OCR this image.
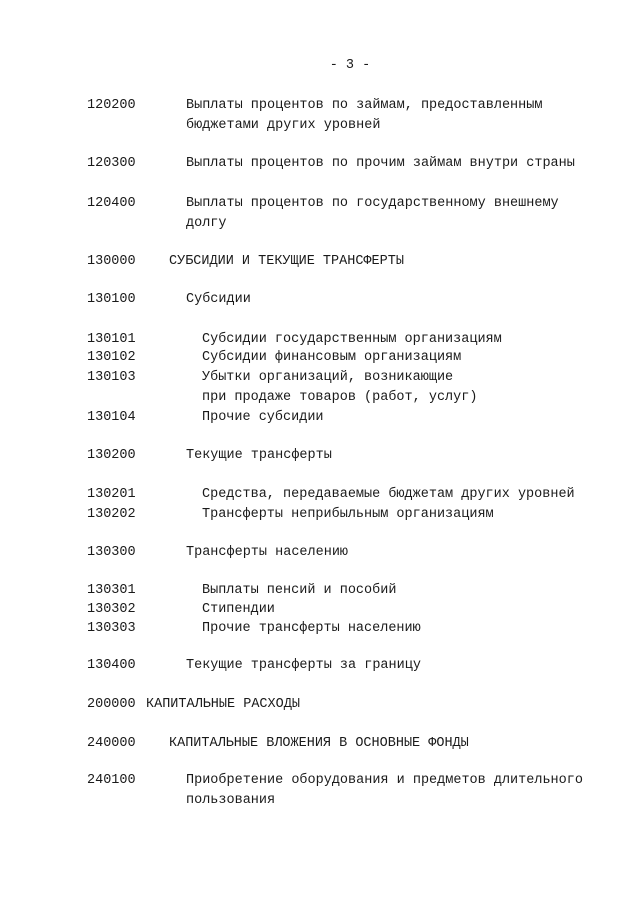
- 3 -
120200	Выплаты процентов по займам, предоставленным
бюджетами других уровней
120300	Выплаты процентов по прочим займам внутри страны
120400	Выплаты процентов по государственному внешнему
долгу
130000 СУБСИДИИ И ТЕКУЩИЕ ТРАНСФЕРТЫ
130100	Субсидии
130101	Субсидии государственным организациям
130102	Субсидии финансовым организациям
130103	Убытки организаций, возникающие
при продаже товаров (работ, услуг)
130104	Прочие субсидии
130200	Текущие трансферты
130201	Средства, передаваемые бюджетам других уровней
130202	Трансферты неприбыльным организациям
130300	Трансферты населению
130301	Выплаты пенсий и пособий
130302	Стипендии
130303	Прочие трансферты населению
130400	Текущие трансферты за границу
200000 КАПИТАЛЬНЫЕ РАСХОДЫ
240000 КАПИТАЛЬНЫЕ ВЛОЖЕНИЯ В ОСНОВНЫЕ ФОНДЫ
240100	Приобретение оборудования и предметов длительного
пользования
